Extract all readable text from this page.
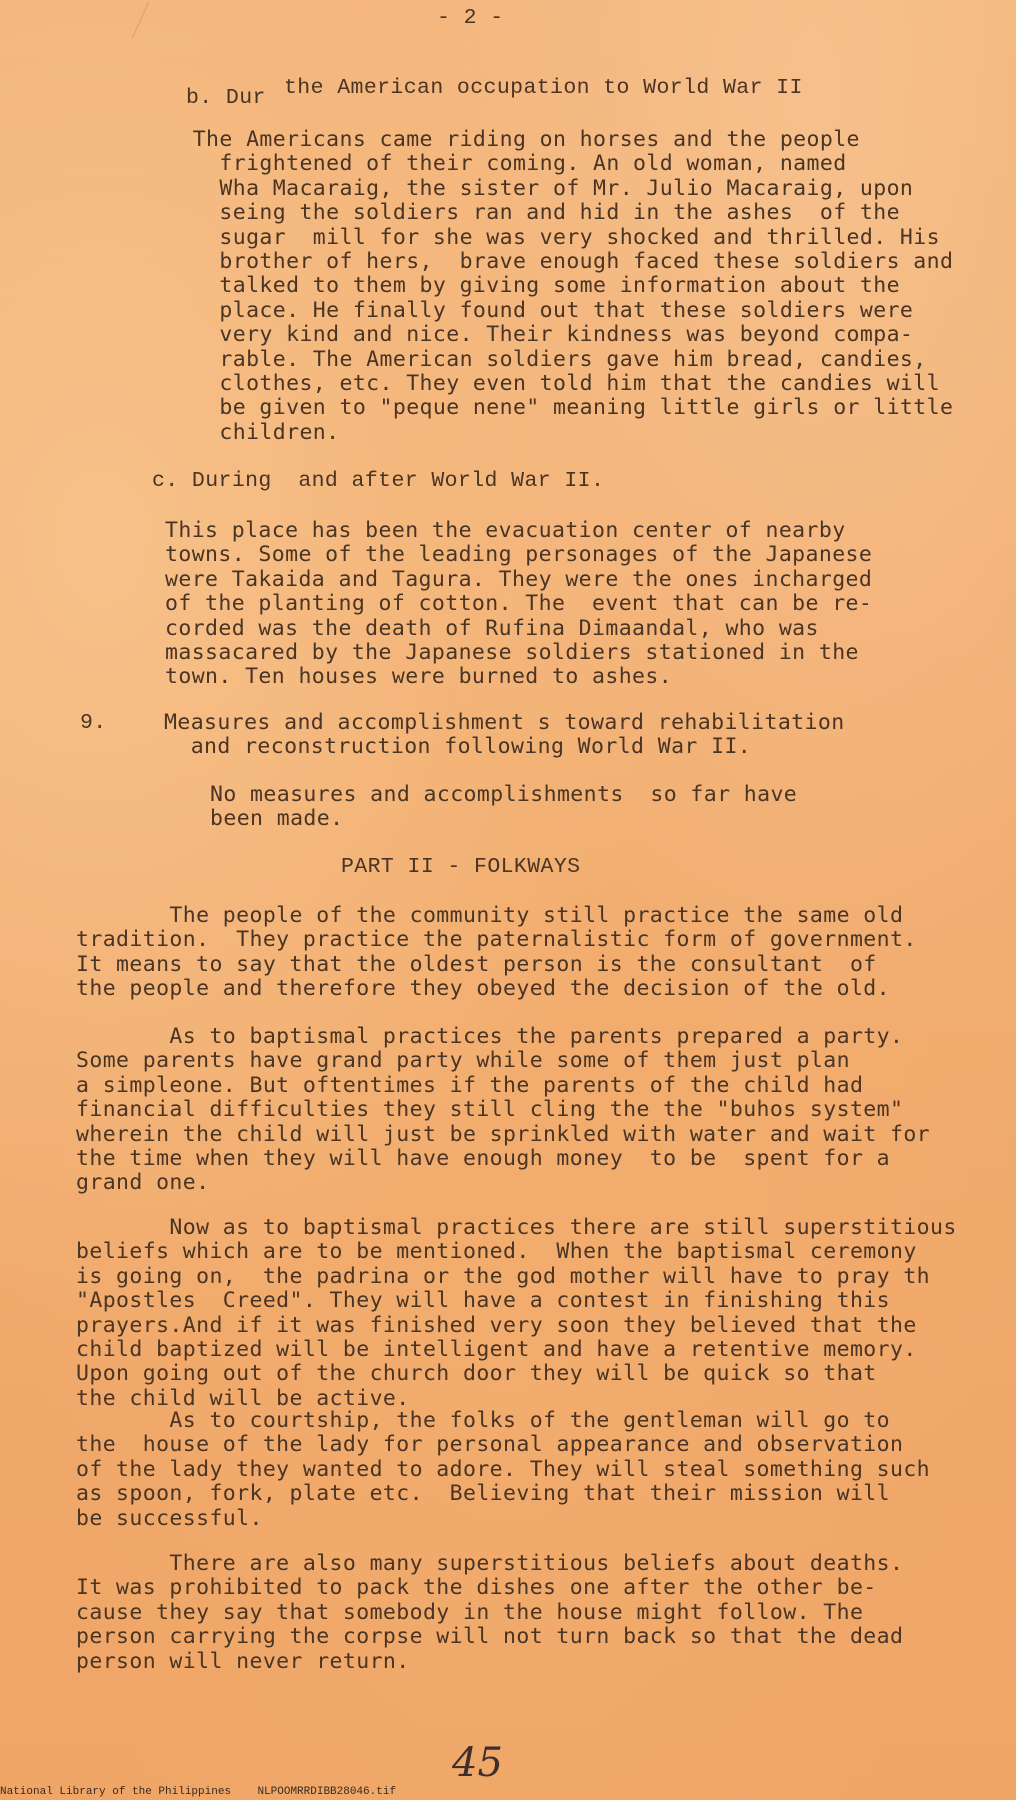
- 2 -

b. Dur the American occupation to World War II

The Americans came riding on horses and the people
frightened of their coming. An old woman, named
Wha Macaraig, the sister of Mr. Julio Macaraig, upon
seing the soldiers ran and hid in the ashes  of the
sugar  mill for she was very shocked and thrilled. His
brother of hers,  brave enough faced these soldiers and
talked to them by giving some information about the
place. He finally found out that these soldiers were
very kind and nice. Their kindness was beyond compa-
rable. The American soldiers gave him bread, candies,
clothes, etc. They even told him that the candies will
be given to "peque nene" meaning little girls or little
children.

c. During  and after World War II.

This place has been the evacuation center of nearby
towns. Some of the leading personages of the Japanese
were Takaida and Tagura. They were the ones incharged
of the planting of cotton. The  event that can be re-
corded was the death of Rufina Dimaandal, who was
massacared by the Japanese soldiers stationed in the
town. Ten houses were burned to ashes.

9.	Measures and accomplishment s toward rehabilitation
and reconstruction following World War II.
No measures and accomplishments  so far have
been made.

PART II - FOLKWAYS

The people of the community still practice the same old
tradition.  They practice the paternalistic form of government.
It means to say that the oldest person is the consultant  of
the people and therefore they obeyed the decision of the old.
As to baptismal practices the parents prepared a party.
Some parents have grand party while some of them just plan
a simpleone. But oftentimes if the parents of the child had
financial difficulties they still cling the the "buhos system"
wherein the child will just be sprinkled with water and wait for
the time when they will have enough money  to be  spent for a
grand one.
Now as to baptismal practices there are still superstitious
beliefs which are to be mentioned.  When the baptismal ceremony
is going on,  the padrina or the god mother will have to pray th
"Apostles  Creed". They will have a contest in finishing this
prayers.And if it was finished very soon they believed that the
child baptized will be intelligent and have a retentive memory.
Upon going out of the church door they will be quick so that
the child will be active.
As to courtship, the folks of the gentleman will go to
the  house of the lady for personal appearance and observation
of the lady they wanted to adore. They will steal something such
as spoon, fork, plate etc.  Believing that their mission will
be successful.
There are also many superstitious beliefs about deaths.
It was prohibited to pack the dishes one after the other be-
cause they say that somebody in the house might follow. The
person carrying the corpse will not turn back so that the dead
person will never return.
45
National Library of the Philippines    NLPOOMRRDIBB28046.tif
